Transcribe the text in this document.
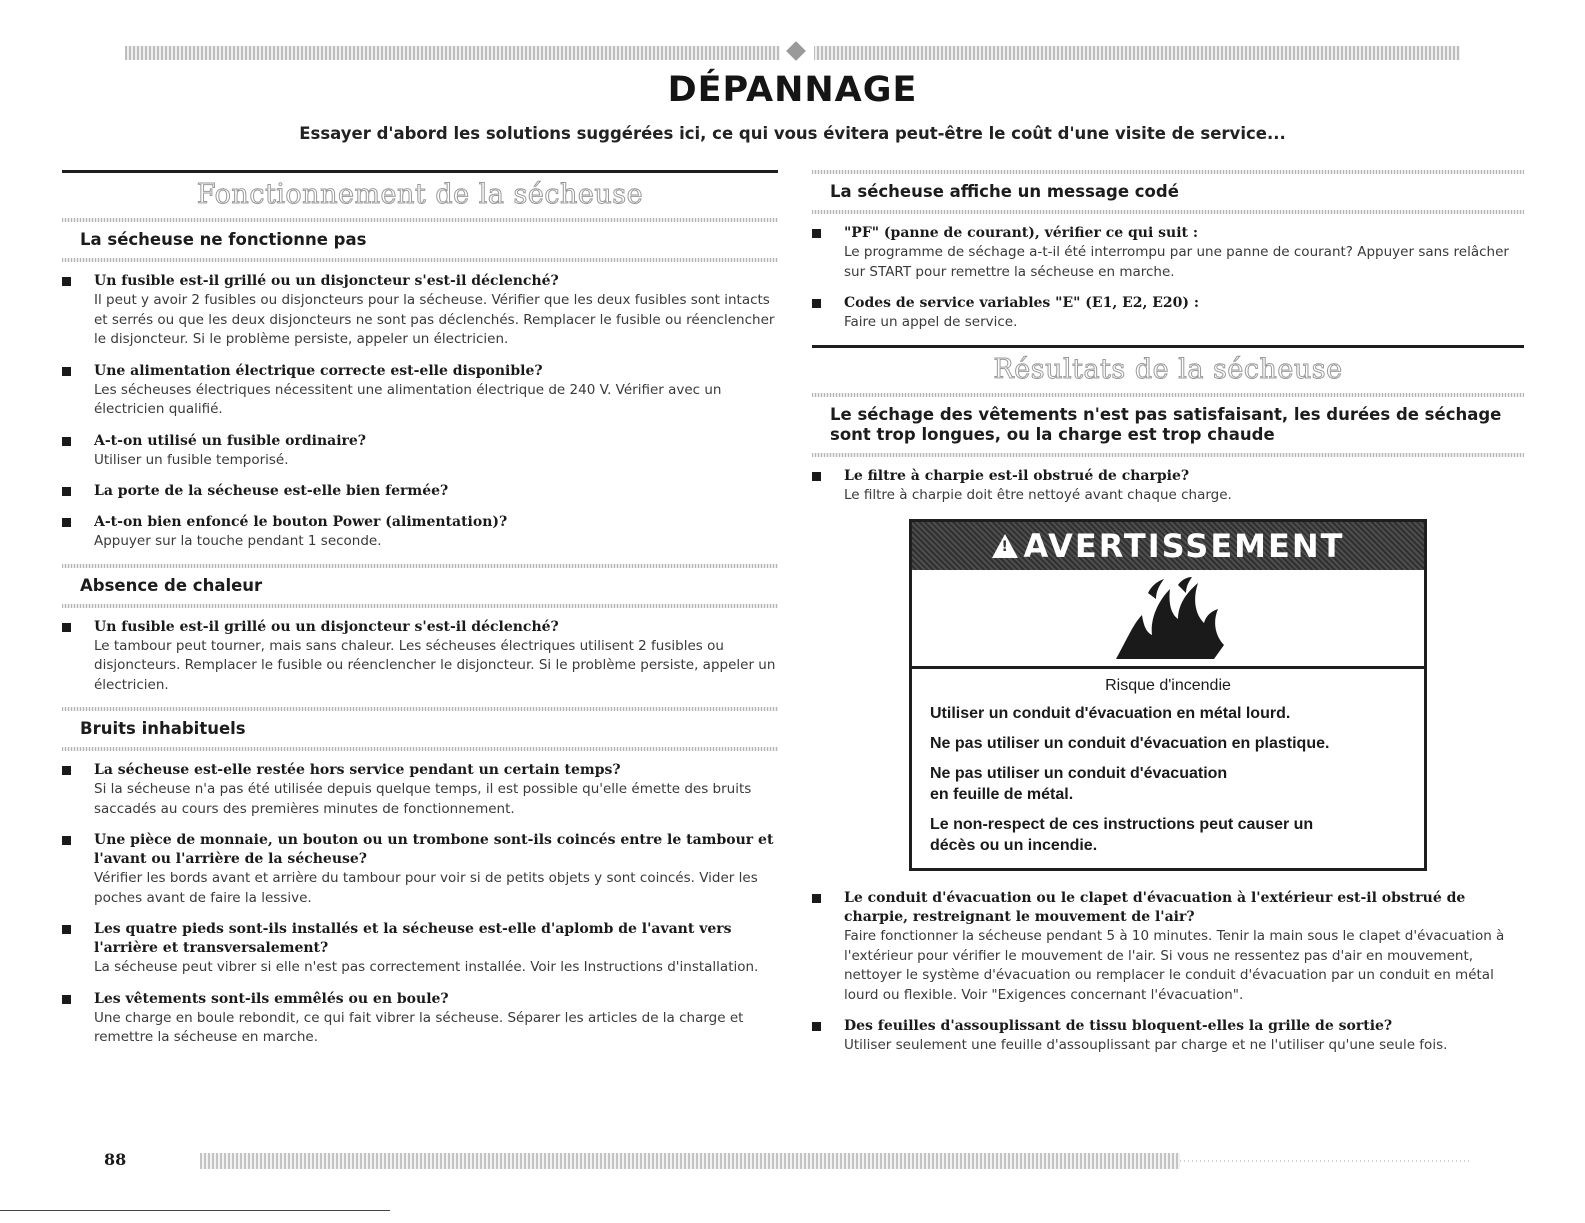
DÉPANNAGE
Essayer d'abord les solutions suggérées ici, ce qui vous évitera peut-être le coût d'une visite de service...
Fonctionnement de la sécheuse
La sécheuse ne fonctionne pas
Un fusible est-il grillé ou un disjoncteur s'est-il déclenché?
Il peut y avoir 2 fusibles ou disjoncteurs pour la sécheuse. Vérifier que les deux fusibles sont intacts et serrés ou que les deux disjoncteurs ne sont pas déclenchés. Remplacer le fusible ou réenclencher le disjoncteur. Si le problème persiste, appeler un électricien.
Une alimentation électrique correcte est-elle disponible?
Les sécheuses électriques nécessitent une alimentation électrique de 240 V. Vérifier avec un électricien qualifié.
A-t-on utilisé un fusible ordinaire?
Utiliser un fusible temporisé.
La porte de la sécheuse est-elle bien fermée?
A-t-on bien enfoncé le bouton Power (alimentation)?
Appuyer sur la touche pendant 1 seconde.
Absence de chaleur
Un fusible est-il grillé ou un disjoncteur s'est-il déclenché?
Le tambour peut tourner, mais sans chaleur. Les sécheuses électriques utilisent 2 fusibles ou disjoncteurs. Remplacer le fusible ou réenclencher le disjoncteur. Si le problème persiste, appeler un électricien.
Bruits inhabituels
La sécheuse est-elle restée hors service pendant un certain temps?
Si la sécheuse n'a pas été utilisée depuis quelque temps, il est possible qu'elle émette des bruits saccadés au cours des premières minutes de fonctionnement.
Une pièce de monnaie, un bouton ou un trombone sont-ils coincés entre le tambour et l'avant ou l'arrière de la sécheuse?
Vérifier les bords avant et arrière du tambour pour voir si de petits objets y sont coincés. Vider les poches avant de faire la lessive.
Les quatre pieds sont-ils installés et la sécheuse est-elle d'aplomb de l'avant vers l'arrière et transversalement?
La sécheuse peut vibrer si elle n'est pas correctement installée. Voir les Instructions d'installation.
Les vêtements sont-ils emmêlés ou en boule?
Une charge en boule rebondit, ce qui fait vibrer la sécheuse. Séparer les articles de la charge et remettre la sécheuse en marche.
La sécheuse affiche un message codé
"PF" (panne de courant), vérifier ce qui suit :
Le programme de séchage a-t-il été interrompu par une panne de courant? Appuyer sans relâcher sur START pour remettre la sécheuse en marche.
Codes de service variables "E" (E1, E2, E20) :
Faire un appel de service.
Résultats de la sécheuse
Le séchage des vêtements n'est pas satisfaisant, les durées de séchage sont trop longues, ou la charge est trop chaude
Le filtre à charpie est-il obstrué de charpie?
Le filtre à charpie doit être nettoyé avant chaque charge.
! AVERTISSEMENT
Risque d'incendie
Utiliser un conduit d'évacuation en métal lourd.
Ne pas utiliser un conduit d'évacuation en plastique.
Ne pas utiliser un conduit d'évacuation en feuille de métal.
Le non-respect de ces instructions peut causer un décès ou un incendie.
Le conduit d'évacuation ou le clapet d'évacuation à l'extérieur est-il obstrué de charpie, restreignant le mouvement de l'air?
Faire fonctionner la sécheuse pendant 5 à 10 minutes. Tenir la main sous le clapet d'évacuation à l'extérieur pour vérifier le mouvement de l'air. Si vous ne ressentez pas d'air en mouvement, nettoyer le système d'évacuation ou remplacer le conduit d'évacuation par un conduit en métal lourd ou flexible. Voir "Exigences concernant l'évacuation".
Des feuilles d'assouplissant de tissu bloquent-elles la grille de sortie?
Utiliser seulement une feuille d'assouplissant par charge et ne l'utiliser qu'une seule fois.
88
